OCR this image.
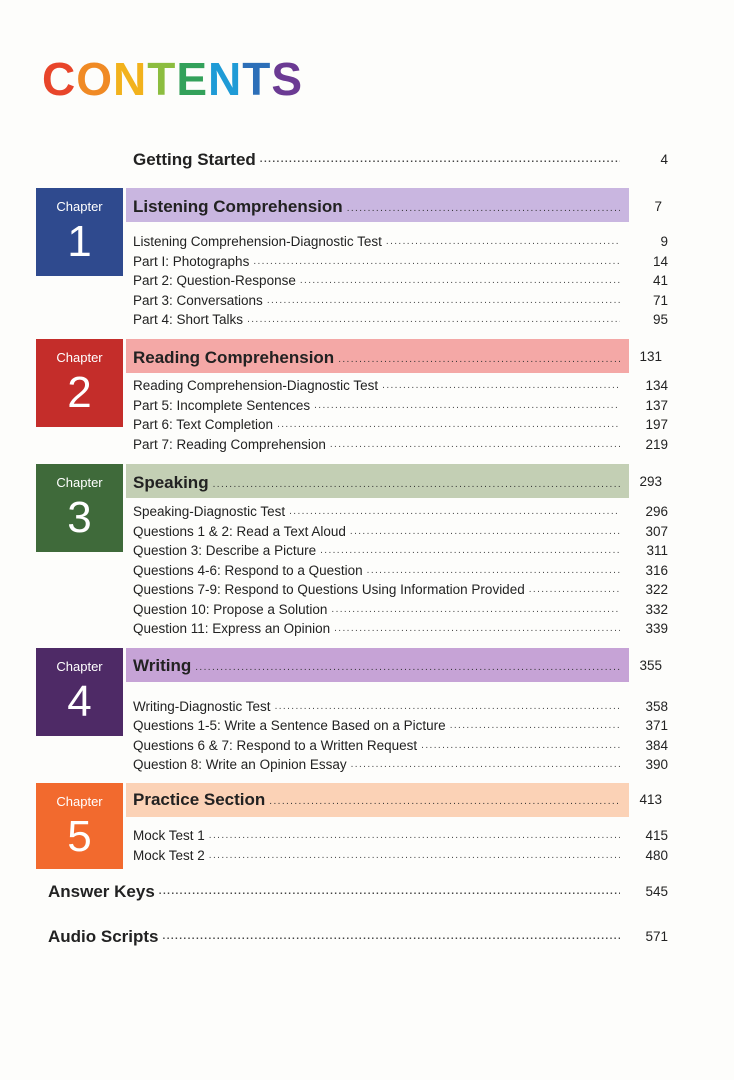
CONTENTS
Getting Started .....	4
Chapter
1
Listening Comprehension .....	7
Listening Comprehension-Diagnostic Test .....	9
Part I: Photographs .....	14
Part 2: Question-Response .....	41
Part 3: Conversations .....	71
Part 4: Short Talks .....	95
Chapter
2
Reading Comprehension .....	131
Reading Comprehension-Diagnostic Test .....	134
Part 5: Incomplete Sentences .....	137
Part 6: Text Completion .....	197
Part 7: Reading Comprehension .....	219
Chapter
3
Speaking .....	293
Speaking-Diagnostic Test .....	296
Questions 1 & 2: Read a Text Aloud .....	307
Question 3: Describe a Picture .....	311
Questions 4-6: Respond to a Question .....	316
Questions 7-9: Respond to Questions Using Information Provided .....	322
Question 10: Propose a Solution .....	332
Question 11: Express an Opinion .....	339
Chapter
4
Writing .....	355
Writing-Diagnostic Test .....	358
Questions 1-5: Write a Sentence Based on a Picture .....	371
Questions 6 & 7: Respond to a Written Request .....	384
Question 8: Write an Opinion Essay .....	390
Chapter
5
Practice Section .....	413
Mock Test 1 .....	415
Mock Test 2 .....	480
Answer Keys .....	545
Audio Scripts .....	571
